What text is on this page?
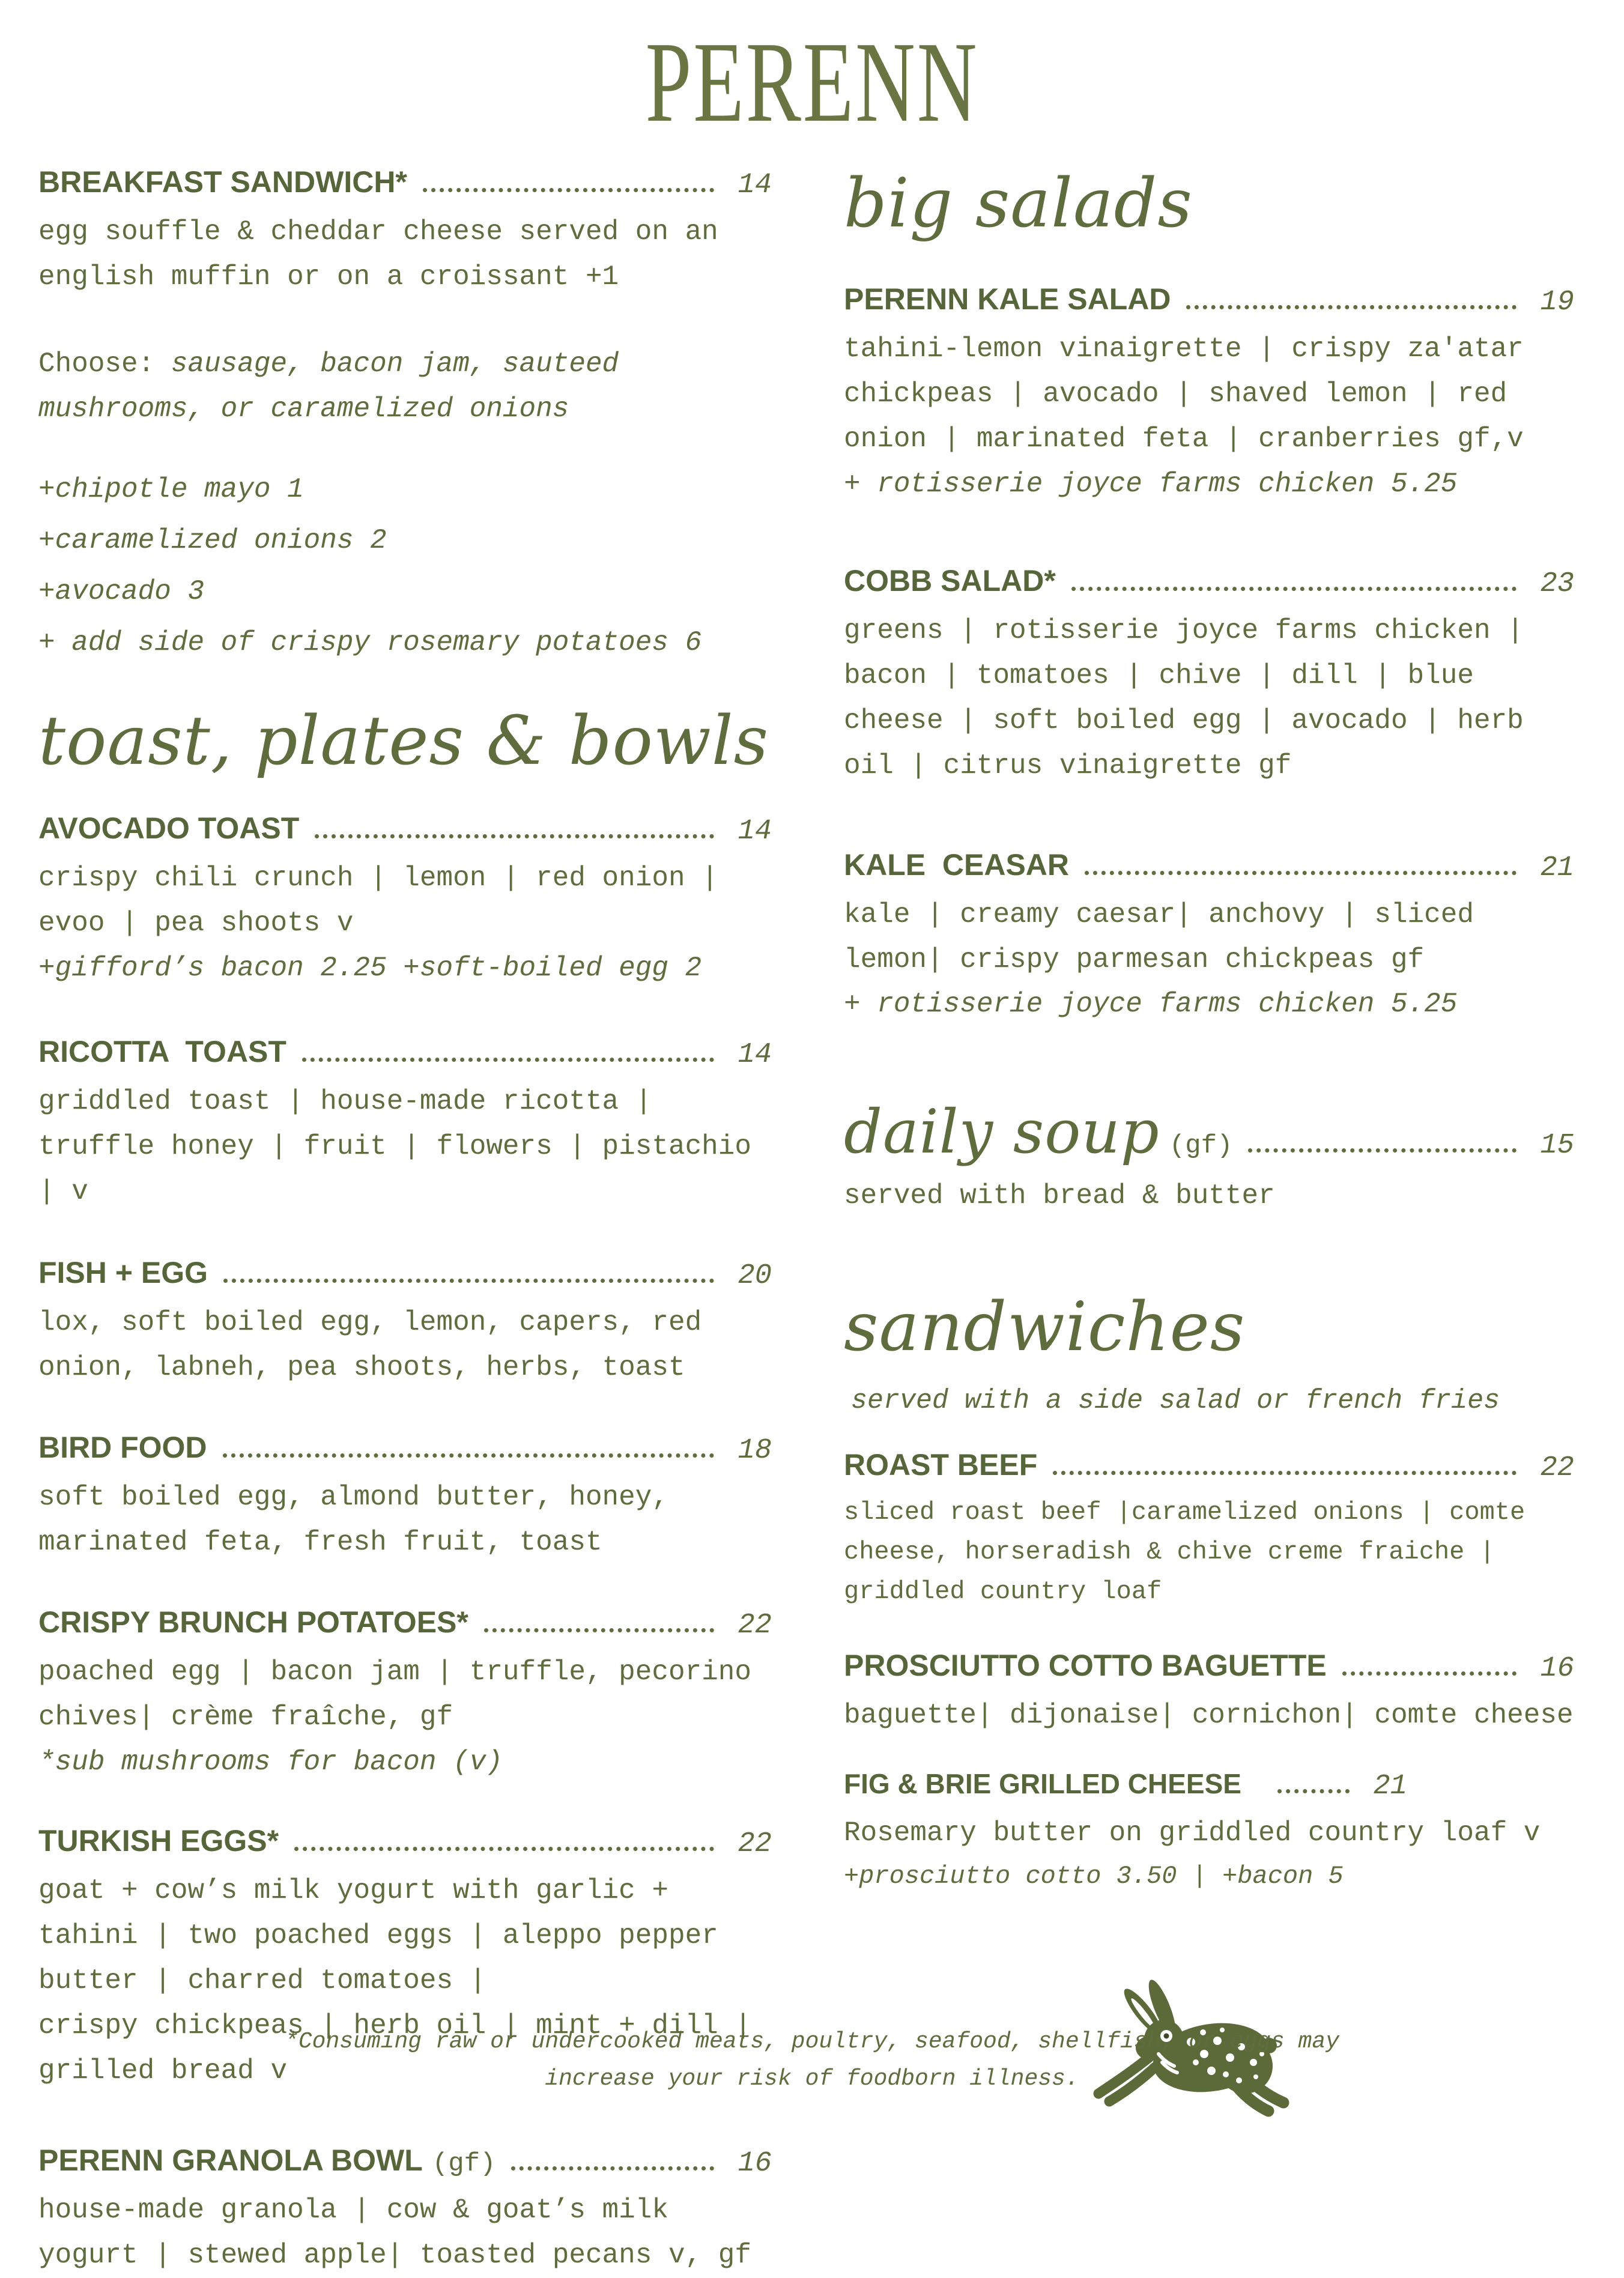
PERENN
BREAKFAST SANDWICH*	14

egg souffle & cheddar cheese served on an english muffin or on a croissant +1

Choose: sausage, bacon jam, sauteed mushrooms, or caramelized onions

+chipotle mayo 1

+caramelized onions 2

+avocado 3

+ add side of crispy rosemary potatoes 6

toast, plates & bowls
AVOCADO TOAST	14

crispy chili crunch | lemon | red onion | evoo | pea shoots v

+gifford’s bacon 2.25 +soft-boiled egg 2

RICOTTA  TOAST	14

griddled toast | house-made ricotta | truffle honey | fruit | flowers | pistachio | v

FISH + EGG	20

lox, soft boiled egg, lemon, capers, red onion, labneh, pea shoots, herbs, toast

BIRD FOOD	18

soft boiled egg, almond butter, honey, marinated feta, fresh fruit, toast

CRISPY BRUNCH POTATOES*	22

poached egg | bacon jam | truffle, pecorino chives| crème fraîche, gf

*sub mushrooms for bacon (v)

TURKISH EGGS*	22

goat + cow’s milk yogurt with garlic + tahini | two poached eggs | aleppo pepper butter | charred tomatoes |

crispy chickpeas | herb oil | mint + dill | grilled bread v

PERENN GRANOLA BOWL (gf)	16

house-made granola | cow & goat’s milk yogurt | stewed apple| toasted pecans v, gf

big salads
PERENN KALE SALAD	19

tahini-lemon vinaigrette | crispy za'atar chickpeas | avocado | shaved lemon | red onion | marinated feta | cranberries gf,v

+ rotisserie joyce farms chicken 5.25

COBB SALAD*	23

greens | rotisserie joyce farms chicken | bacon | tomatoes | chive | dill | blue cheese | soft boiled egg | avocado | herb oil | citrus vinaigrette gf

KALE  CEASAR	21

kale | creamy caesar| anchovy | sliced lemon| crispy parmesan chickpeas gf

+ rotisserie joyce farms chicken 5.25

daily soup (gf)	15

served with bread & butter

sandwiches

served with a side salad or french fries

ROAST BEEF	22

sliced roast beef |caramelized onions | comte cheese, horseradish & chive creme fraiche | griddled country loaf

PROSCIUTTO COTTO BAGUETTE	16

baguette| dijonaise| cornichon| comte cheese

FIG & BRIE GRILLED CHEESE	21

Rosemary butter on griddled country loaf v

+prosciutto cotto 3.50 | +bacon 5

*Consuming raw or undercooked meats, poultry, seafood, shellfish, or eggs may
increase your risk of foodborn illness.
